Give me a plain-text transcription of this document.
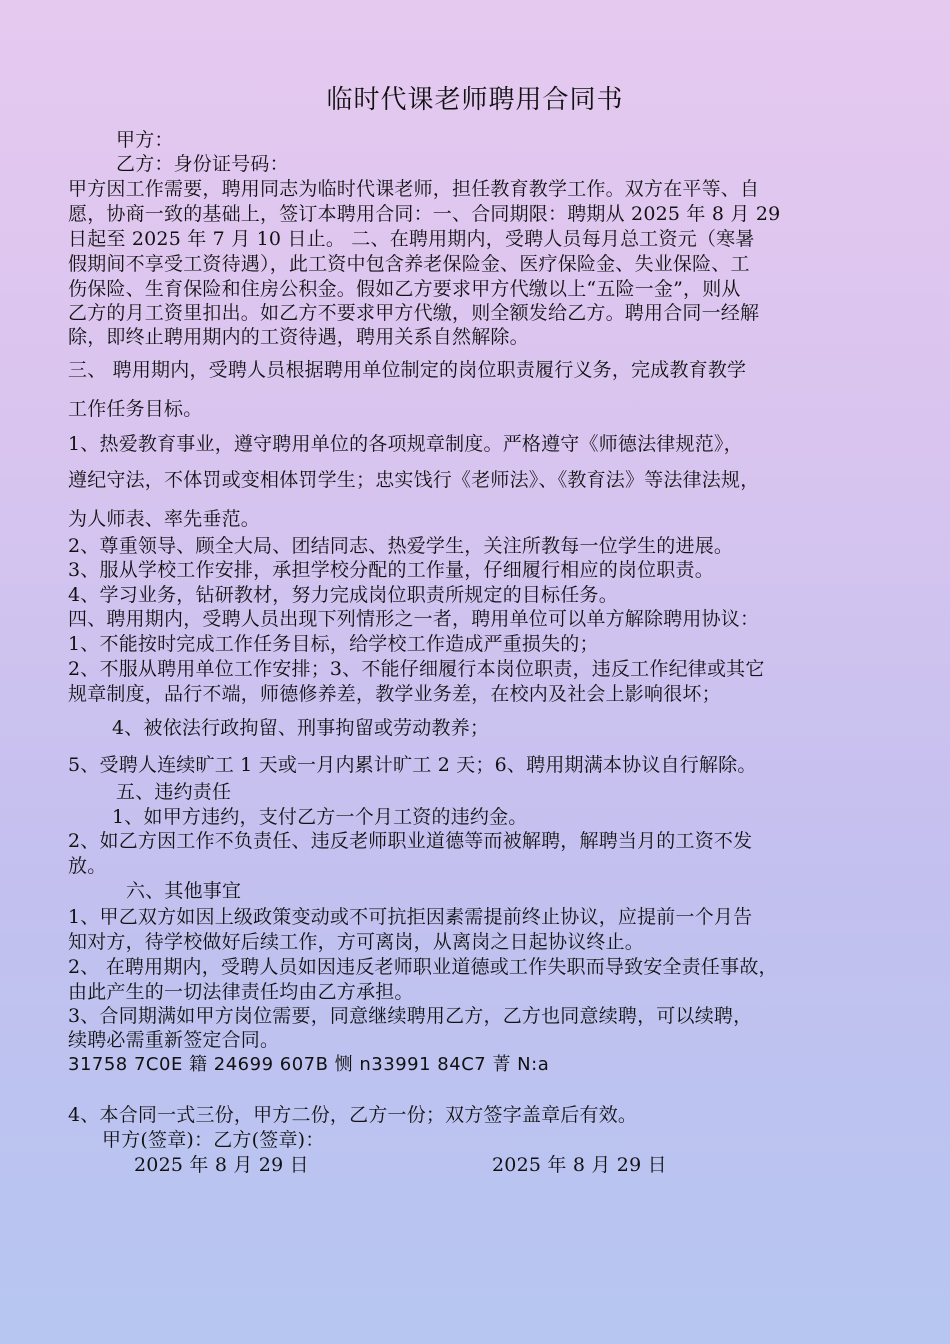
临时代课老师聘用合同书
甲方：
乙方：身份证号码：
甲方因工作需要，聘用同志为临时代课老师，担任教育教学工作。双方在平等、自
愿，协商一致的基础上，签订本聘用合同：一、合同期限：聘期从 2025 年 8 月 29
日起至 2025 年 7 月 10 日止。 二、在聘用期内，受聘人员每月总工资元（寒暑
假期间不享受工资待遇），此工资中包含养老保险金、医疗保险金、失业保险、工
伤保险、生育保险和住房公积金。假如乙方要求甲方代缴以上“五险一金”，则从
乙方的月工资里扣出。如乙方不要求甲方代缴，则全额发给乙方。聘用合同一经解
除，即终止聘用期内的工资待遇，聘用关系自然解除。
三、 聘用期内，受聘人员根据聘用单位制定的岗位职责履行义务，完成教育教学
工作任务目标。
1、热爱教育事业，遵守聘用单位的各项规章制度。严格遵守《师德法律规范》，
遵纪守法，不体罚或变相体罚学生；忠实饯行《老师法》、《教育法》等法律法规，
为人师表、率先垂范。
2、尊重领导、顾全大局、团结同志、热爱学生，关注所教每一位学生的进展。
3、服从学校工作安排，承担学校分配的工作量，仔细履行相应的岗位职责。
4、学习业务，钻研教材，努力完成岗位职责所规定的目标任务。
四、聘用期内，受聘人员出现下列情形之一者，聘用单位可以单方解除聘用协议：
1、不能按时完成工作任务目标，给学校工作造成严重损失的；
2、不服从聘用单位工作安排；3、不能仔细履行本岗位职责，违反工作纪律或其它
规章制度，品行不端，师德修养差，教学业务差，在校内及社会上影响很坏；
4、被依法行政拘留、刑事拘留或劳动教养；
5、受聘人连续旷工 1 天或一月内累计旷工 2 天；6、聘用期满本协议自行解除。
五、违约责任
1、如甲方违约，支付乙方一个月工资的违约金。
2、如乙方因工作不负责任、违反老师职业道德等而被解聘，解聘当月的工资不发
放。
六、其他事宜
1、甲乙双方如因上级政策变动或不可抗拒因素需提前终止协议，应提前一个月告
知对方，待学校做好后续工作，方可离岗，从离岗之日起协议终止。
2、 在聘用期内，受聘人员如因违反老师职业道德或工作失职而导致安全责任事故，
由此产生的一切法律责任均由乙方承担。
3、合同期满如甲方岗位需要，同意继续聘用乙方，乙方也同意续聘，可以续聘，
续聘必需重新签定合同。
31758 7C0E 籍 24699 607B 恻 n33991 84C7 菁 N:a
4、本合同一式三份，甲方二份，乙方一份；双方签字盖章后有效。
甲方(签章)：乙方(签章)：
2025 年 8 月 29 日	2025 年 8 月 29 日
